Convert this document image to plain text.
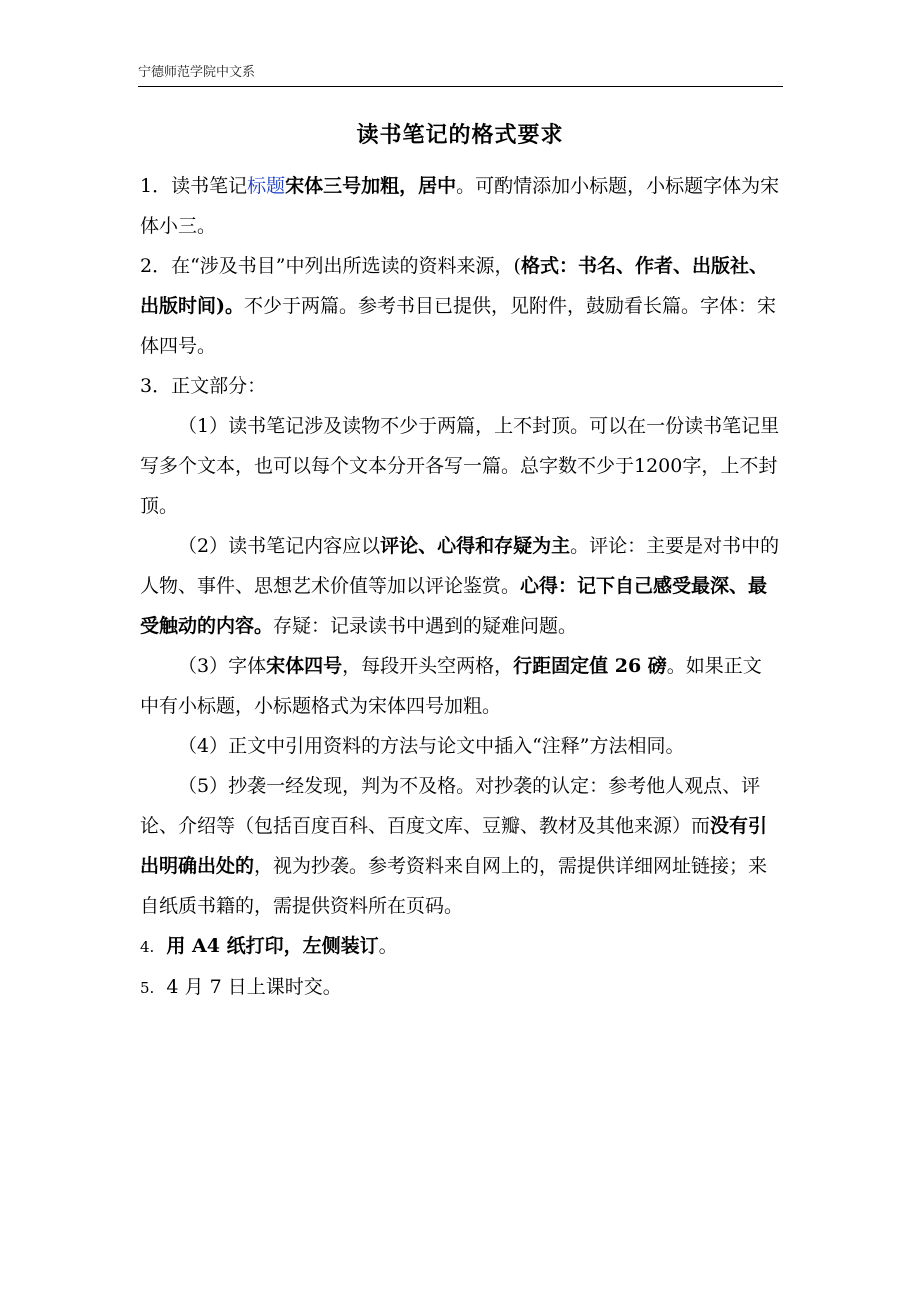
宁德师范学院中文系
读书笔记的格式要求

1．读书笔记标题宋体三号加粗，居中。可酌情添加小标题，小标题字体为宋体小三。

2．在“涉及书目”中列出所选读的资料来源，(格式：书名、作者、出版社、出版时间)。不少于两篇。参考书目已提供，见附件，鼓励看长篇。字体：宋体四号。

3．正文部分：

（1）读书笔记涉及读物不少于两篇，上不封顶。可以在一份读书笔记里写多个文本，也可以每个文本分开各写一篇。总字数不少于1200字，上不封顶。

（2）读书笔记内容应以评论、心得和存疑为主。评论：主要是对书中的人物、事件、思想艺术价值等加以评论鉴赏。心得：记下自己感受最深、最受触动的内容。存疑：记录读书中遇到的疑难问题。

（3）字体宋体四号，每段开头空两格，行距固定值 26 磅。如果正文中有小标题，小标题格式为宋体四号加粗。

（4）正文中引用资料的方法与论文中插入“注释”方法相同。

（5）抄袭一经发现，判为不及格。对抄袭的认定：参考他人观点、评论、介绍等（包括百度百科、百度文库、豆瓣、教材及其他来源）而没有引出明确出处的，视为抄袭。参考资料来自网上的，需提供详细网址链接；来自纸质书籍的，需提供资料所在页码。

4. 用 A4 纸打印，左侧装订。

5. 4 月 7 日上课时交。
